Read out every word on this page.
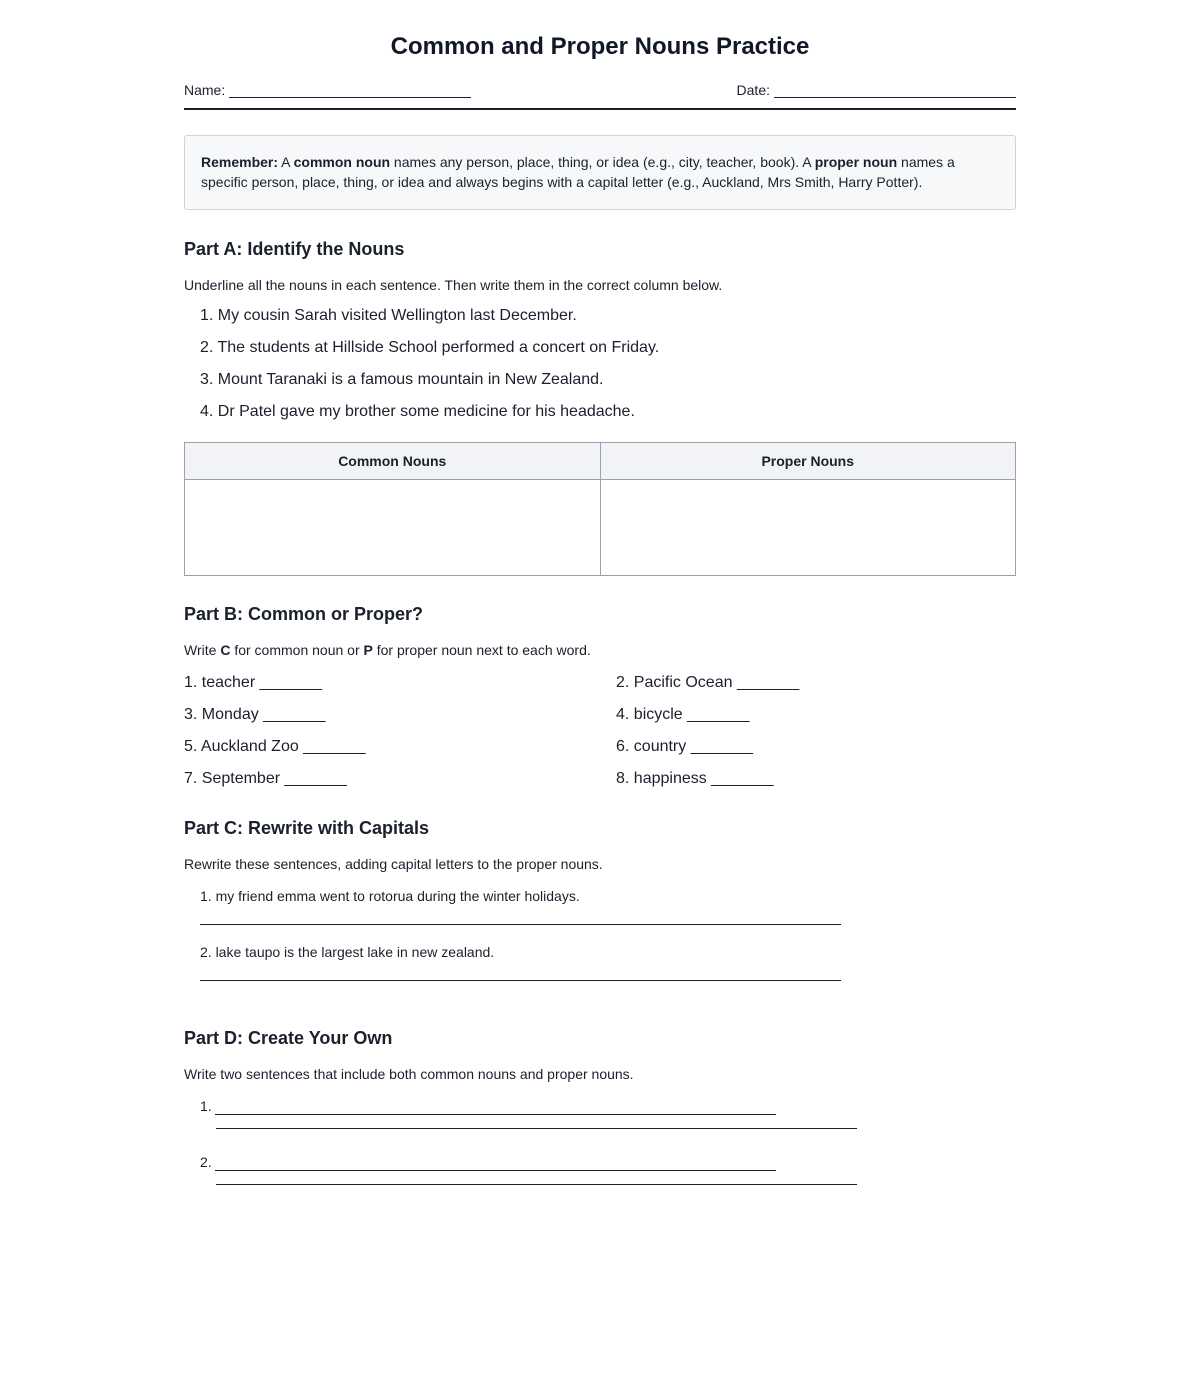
Common and Proper Nouns Practice
Name:	Date:
Remember: A common noun names any person, place, thing, or idea (e.g., city, teacher, book). A proper noun names a specific person, place, thing, or idea and always begins with a capital letter (e.g., Auckland, Mrs Smith, Harry Potter).
Part A: Identify the Nouns

Underline all the nouns in each sentence. Then write them in the correct column below.

1. My cousin Sarah visited Wellington last December.
2. The students at Hillside School performed a concert on Friday.
3. Mount Taranaki is a famous mountain in New Zealand.
4. Dr Patel gave my brother some medicine for his headache.
Common Nouns	Proper Nouns

Part B: Common or Proper?

Write C for common noun or P for proper noun next to each word.

1. teacher _______	2. Pacific Ocean _______
3. Monday _______	4. bicycle _______
5. Auckland Zoo _______	6. country _______
7. September _______	8. happiness _______
Part C: Rewrite with Capitals

Rewrite these sentences, adding capital letters to the proper nouns.

1. my friend emma went to rotorua during the winter holidays.
2. lake taupo is the largest lake in new zealand.
Part D: Create Your Own

Write two sentences that include both common nouns and proper nouns.

1.
2.
